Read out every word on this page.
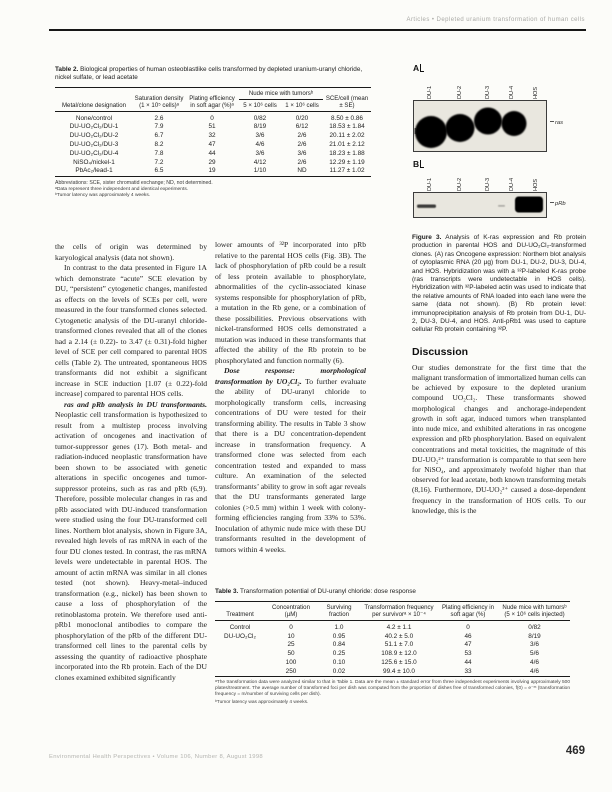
Articles • Depleted uranium transformation of human cells
Table 2. Biological properties of human osteoblastlike cells transformed by depleted uranium-uranyl chloride, nickel sulfate, or lead acetate
Metal/clone designation	Saturation density (1 × 10⁵ cells)ᵃ	Plating efficiency in soft agar (%)ᵃ	Nude mice with tumorsᵇ		SCE/cell (mean ± SE)
			5 × 10⁶ cells	1 × 10⁶ cells	
None/control	2.6	0	0/82	0/20	8.50 ± 0.86
DU-UO₂Cl₂/DU-1	7.9	51	8/19	6/12	18.53 ± 1.84
DU-UO₂Cl₂/DU-2	6.7	32	3/6	2/6	20.11 ± 2.02
DU-UO₂Cl₂/DU-3	8.2	47	4/6	2/6	21.01 ± 2.12
DU-UO₂Cl₂/DU-4	7.8	44	3/6	3/6	18.23 ± 1.88
NiSO₄/nickel-1	7.2	29	4/12	2/6	12.29 ± 1.19
PbAc₂/lead-1	6.5	19	1/10	ND	11.27 ± 1.02
Abbreviations: SCE, sister chromatid exchange; ND, not determined.
ᵃData represent three independent and identical experiments.
ᵇTumor latency was approximately 4 weeks.
A
DU-1	DU-2	DU-3	DU-4	HOS
ras
B
DU-1	DU-2	DU-3	DU-4	HOS
pRb
Figure 3. Analysis of K-ras expression and Rb protein production in parental HOS and DU-UO₂Cl₂-transformed clones. (A) ras Oncogene expression: Northern blot analysis of cytoplasmic RNA (20 µg) from DU-1, DU-2, DU-3, DU-4, and HOS. Hybridization was with a ³²P-labeled K-ras probe (ras transcripts were undetectable in HOS cells). Hybridization with ³²P-labeled actin was used to indicate that the relative amounts of RNA loaded into each lane were the same (data not shown). (B) Rb protein level: immunoprecipitation analysis of Rb protein from DU-1, DU-2, DU-3, DU-4, and HOS. Anti-pRb1 was used to capture cellular Rb protein containing ³²P.
Discussion
Our studies demonstrate for the first time that the malignant transformation of immortalized human cells can be achieved by exposure to the depleted uranium compound UO₂Cl₂. These transformants showed morphological changes and anchorage-independent growth in soft agar, induced tumors when transplanted into nude mice, and exhibited alterations in ras oncogene expression and pRb phosphorylation. Based on equivalent concentrations and metal toxicities, the magnitude of this DU-UO₂²⁺ transformation is comparable to that seen here for NiSO₄, and approximately twofold higher than that observed for lead acetate, both known transforming metals (8,16). Furthermore, DU-UO₂²⁺ caused a dose-dependent frequency in the transformation of HOS cells. To our knowledge, this is the

the cells of origin was determined by karyological analysis (data not shown).

In contrast to the data presented in Figure 1A which demonstrate “acute” SCE elevation by DU, “persistent” cytogenetic changes, manifested as effects on the levels of SCEs per cell, were measured in the four transformed clones selected. Cytogenetic analysis of the DU-uranyl chloride-transformed clones revealed that all of the clones had a 2.14 (± 0.22)- to 3.47 (± 0.31)-fold higher level of SCE per cell compared to parental HOS cells (Table 2). The untreated, spontaneous HOS transformants did not exhibit a significant increase in SCE induction [1.07 (± 0.22)-fold increase] compared to parental HOS cells.

ras and pRb analysis in DU transformants. Neoplastic cell transformation is hypothesized to result from a multistep process involving activation of oncogenes and inactivation of tumor-suppressor genes (17). Both metal- and radiation-induced neoplastic transformation have been shown to be associated with genetic alterations in specific oncogenes and tumor-suppressor proteins, such as ras and pRb (6,9). Therefore, possible molecular changes in ras and pRb associated with DU-induced transformation were studied using the four DU-transformed cell lines. Northern blot analysis, shown in Figure 3A, revealed high levels of ras mRNA in each of the four DU clones tested. In contrast, the ras mRNA levels were undetectable in parental HOS. The amount of actin mRNA was similar in all clones tested (not shown). Heavy-metal–induced transformation (e.g., nickel) has been shown to cause a loss of phosphorylation of the retinoblastoma protein. We therefore used anti-pRb1 monoclonal antibodies to compare the phosphorylation of the pRb of the different DU-transformed cell lines to the parental cells by assessing the quantity of radioactive phosphate incorporated into the Rb protein. Each of the DU clones examined exhibited significantly

lower amounts of ³²P incorporated into pRb relative to the parental HOS cells (Fig. 3B). The lack of phosphorylation of pRb could be a result of less protein available to phosphorylate, abnormalities of the cyclin-associated kinase systems responsible for phosphorylation of pRb, a mutation in the Rb gene, or a combination of these possibilities. Previous observations with nickel-transformed HOS cells demonstrated a mutation was induced in these transformants that affected the ability of the Rb protein to be phosphorylated and function normally (6).

Dose response: morphological transformation by UO₂Cl₂. To further evaluate the ability of DU-uranyl chloride to morphologically transform cells, increasing concentrations of DU were tested for their transforming ability. The results in Table 3 show that there is a DU concentration-dependent increase in transformation frequency. A transformed clone was selected from each concentration tested and expanded to mass culture. An examination of the selected transformants’ ability to grow in soft agar reveals that the DU transformants generated large colonies (>0.5 mm) within 1 week with colony-forming efficiencies ranging from 33% to 53%. Inoculation of athymic nude mice with these DU transformants resulted in the development of tumors within 4 weeks.

Table 3. Transformation potential of DU-uranyl chloride: dose response
Treatment	Concentration (µM)	Surviving fraction	Transformation frequency per survivorᵃ × 10⁻⁴	Plating efficiency in soft agar (%)	Nude mice with tumorsᵇ (5 × 10⁶ cells injected)
Control	0	1.0	4.2 ± 1.1	0	0/82
DU-UO₂Cl₂	10	0.95	40.2 ± 5.0	46	8/19
	25	0.84	51.1 ± 7.0	47	3/6
	50	0.25	108.9 ± 12.0	53	5/6
	100	0.10	125.6 ± 15.0	44	4/6
	250	0.02	99.4 ± 10.0	33	4/6
ᵃThe transformation data were analyzed similar to that in Table 1. Data are the mean ± standard error from three independent experiments involving approximately 500 plates/treatment. The average number of transformed foci per dish was computed from the proportion of dishes free of transformed colonies, f(0) = e⁻ᵐ (transformation frequency = m/number of surviving cells per dish).
ᵇTumor latency was approximately 4 weeks.
Environmental Health Perspectives • Volume 106, Number 8, August 1998	469
